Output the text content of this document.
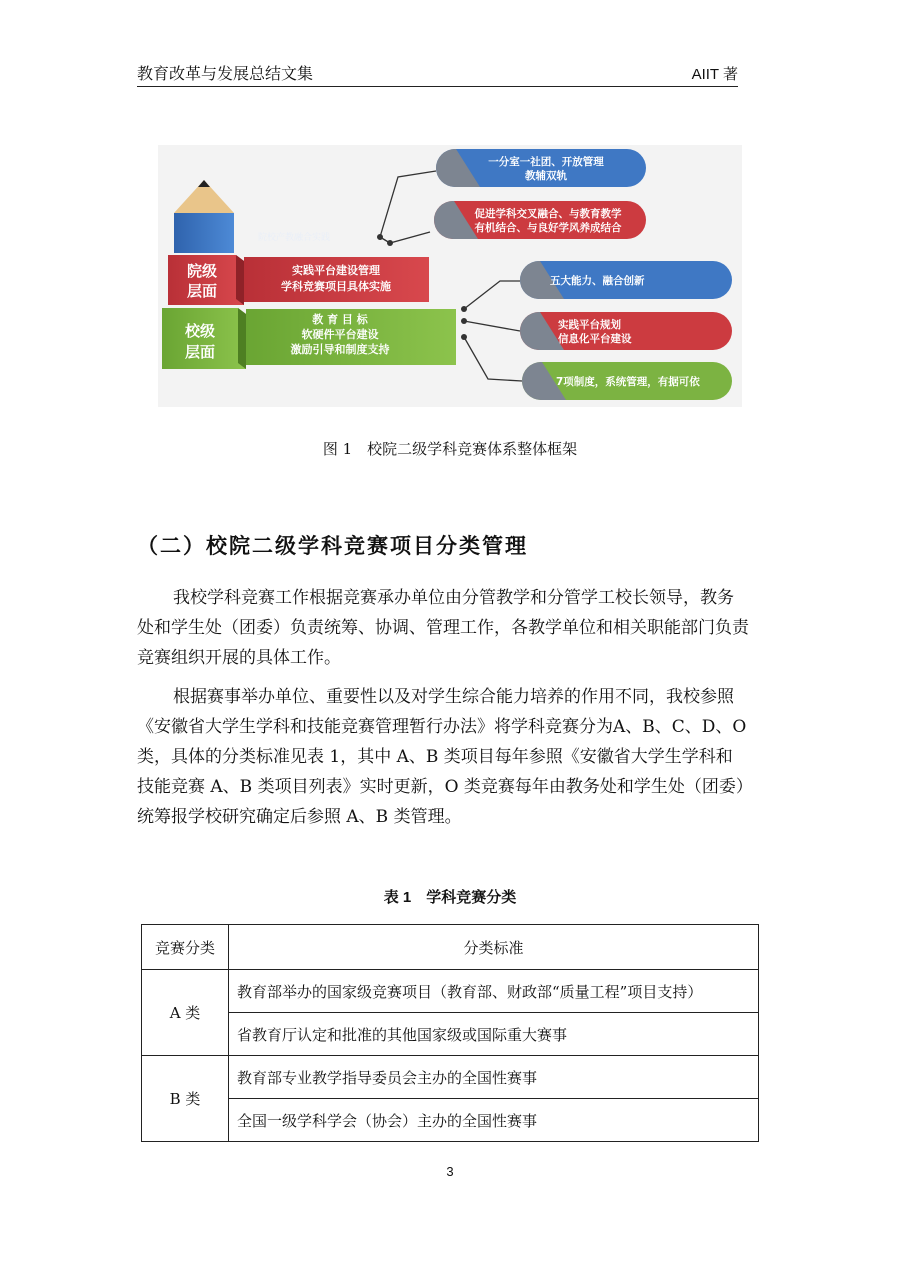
教育改革与发展总结文集	AIIT 著
院校产教融合实践
院级
层面
实践平台建设管理
学科竞赛项目具体实施
校级
层面
教 育 目 标
软硬件平台建设
激励引导和制度支持
一分室一社团、开放管理
教辅双轨
促进学科交叉融合、与教育教学
有机结合、与良好学风养成结合
五大能力、融合创新
实践平台规划
信息化平台建设
7项制度，系统管理，有据可依
图 1　校院二级学科竞赛体系整体框架
（二）校院二级学科竞赛项目分类管理
我校学科竞赛工作根据竞赛承办单位由分管教学和分管学工校长领导，教务处和学生处（团委）负责统筹、协调、管理工作，各教学单位和相关职能部门负责竞赛组织开展的具体工作。
根据赛事举办单位、重要性以及对学生综合能力培养的作用不同，我校参照《安徽省大学生学科和技能竞赛管理暂行办法》将学科竞赛分为A、B、C、D、O 类，具体的分类标准见表 1，其中 A、B 类项目每年参照《安徽省大学生学科和技能竞赛 A、B 类项目列表》实时更新，O 类竞赛每年由教务处和学生处（团委）统筹报学校研究确定后参照 A、B 类管理。
表 1　学科竞赛分类
竞赛分类	分类标准
A 类	教育部举办的国家级竞赛项目（教育部、财政部“质量工程”项目支持）
	省教育厅认定和批准的其他国家级或国际重大赛事
B 类	教育部专业教学指导委员会主办的全国性赛事
	全国一级学科学会（协会）主办的全国性赛事
3
